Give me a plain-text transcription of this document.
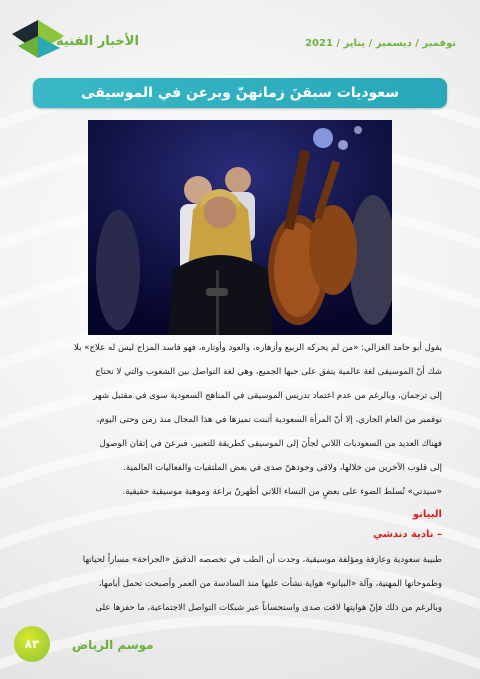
الأخبار الفنية	نوفمبر / ديسمبر / يناير / 2021
سعوديات سبقنَ زمانهنّ وبرعن في الموسيقى
يقول أبو حامد الغزالي: «من لم يحركه الربيع وأزهاره، والعود وأوتاره، فهو فاسد المزاج ليس له علاج» بلا
شك أنّ الموسيقى لغة عالمية يتفق على حبها الجميع، وهي لغة التواصل بين الشعوب والتي لا تحتاج
إلى ترجمان، وبالرغم من عدم اعتماد تدريس الموسيقى في المناهج السعودية سوى في مقتبل شهر
نوفمبر من العام الجاري، إلا أنّ المرأة السعودية أثبتت تميزها في هذا المجال منذ زمن وحتى اليوم،
فهناك العديد من السعوديات اللاتي لجأنَ إلى الموسيقى كطريقة للتعبير، فبرعنَ في إتقان الوصول
إلى قلوب الآخرين من خلالها، ولاقى وجودهنّ صدى في بعض الملتقيات والفعاليات العالمية.
«سيدتي» تُسلط الضوء على بعضٍ من النساء اللاتي أظهرنّ براعة وموهبة موسيقية حقيقية.
البيانو
– نادية دندشي
طبيبة سعودية وعازفة ومؤلفة موسيقية، وجدت أن الطب في تخصصه الدقيق «الجراحة» مساراً لحياتها
وطموحاتها المهنية، وآلة «البيانو» هواية نشأت عليها منذ السادسة من العمر وأصبحت تحمل أيامها،
وبالرغم من ذلك فإنّ هوايتها لاقت صدى واستحساناً عبر شبكات التواصل الاجتماعية، ما حفزها على
موسم الرياض
٨٣
